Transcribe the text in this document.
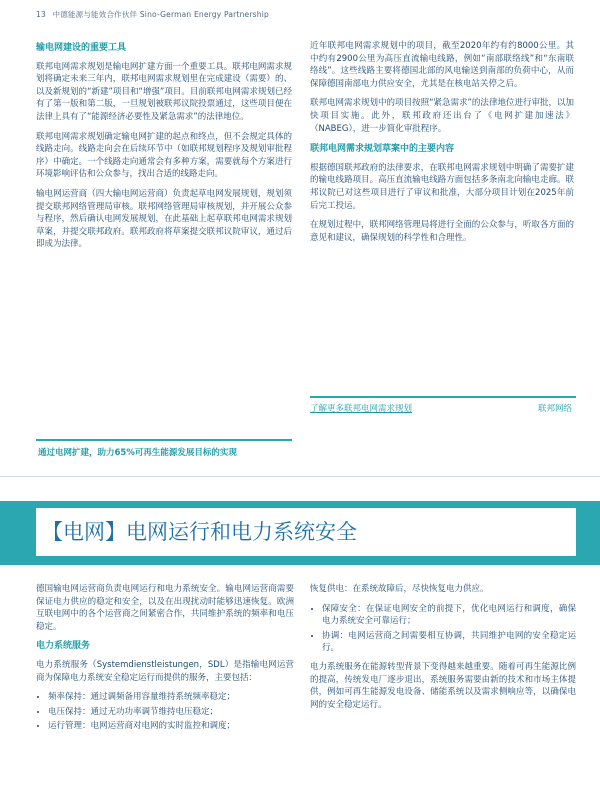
13 中德能源与能效合作伙伴 Sino-German Energy Partnership
输电网建设的重要工具

联邦电网需求规划是输电网扩建方面一个重要工具。联邦电网需求规划将确定未来三年内，联邦电网需求规划里在完成建设（需要）的、以及新规划的“新建”项目和“增强”项目。目前联邦电网需求规划已经有了第一版和第二版，一旦规划被联邦议院投票通过，这些项目便在法律上具有了“能源经济必要性及紧急需求”的法律地位。

联邦电网需求规划确定输电网扩建的起点和终点，但不会规定具体的线路走向。线路走向会在后续环节中（如联邦规划程序及规划审批程序）中确定。一个线路走向通常会有多种方案，需要就每个方案进行环境影响评估和公众参与，找出合适的线路走向。

输电网运营商（四大输电网运营商）负责起草电网发展规划，规划须提交联邦网络管理局审核。联邦网络管理局审核规划，并开展公众参与程序，然后确认电网发展规划，在此基础上起草联邦电网需求规划草案，并提交联邦政府。联邦政府将草案提交联邦议院审议，通过后即成为法律。

通过电网扩建，助力65%可再生能源发展目标的实现

近年联邦电网需求规划中的项目，截至2020年约有约8000公里。其中约有2900公里为高压直流输电线路，例如“南部联络线”和“东南联络线”。这些线路主要将德国北部的风电输送到南部的负荷中心，从而保障德国南部电力供应安全，尤其是在核电站关停之后。

联邦电网需求规划中的项目按照“紧急需求”的法律地位进行审批，以加快项目实施。此外，联邦政府还出台了《电网扩建加速法》（NABEG），进一步简化审批程序。

联邦电网需求规划草案中的主要内容

根据德国联邦政府的法律要求，在联邦电网需求规划中明确了需要扩建的输电线路项目。高压直流输电线路方面包括多条南北向输电走廊。联邦议院已对这些项目进行了审议和批准，大部分项目计划在2025年前后完工投运。

在规划过程中，联邦网络管理局将进行全面的公众参与，听取各方面的意见和建议，确保规划的科学性和合理性。

了解更多联邦电网需求规划	联邦网络
【电网】电网运行和电力系统安全

德国输电网运营商负责电网运行和电力系统安全。输电网运营商需要保证电力供应的稳定和安全，以及在出现扰动时能够迅速恢复。欧洲互联电网中的各个运营商之间紧密合作，共同维护系统的频率和电压稳定。

电力系统服务

电力系统服务（Systemdienstleistungen，SDL）是指输电网运营商为保障电力系统安全稳定运行而提供的服务，主要包括：

• 频率保持：通过调频备用容量维持系统频率稳定；
• 电压保持：通过无功功率调节维持电压稳定；
• 运行管理：电网运营商对电网的实时监控和调度；

恢复供电：在系统故障后，尽快恢复电力供应。

• 保障安全：在保证电网安全的前提下，优化电网运行和调度，确保电力系统安全可靠运行；
• 协调：电网运营商之间需要相互协调，共同维护电网的安全稳定运行。

电力系统服务在能源转型背景下变得越来越重要。随着可再生能源比例的提高，传统发电厂逐步退出，系统服务需要由新的技术和市场主体提供，例如可再生能源发电设备、储能系统以及需求侧响应等，以确保电网的安全稳定运行。
